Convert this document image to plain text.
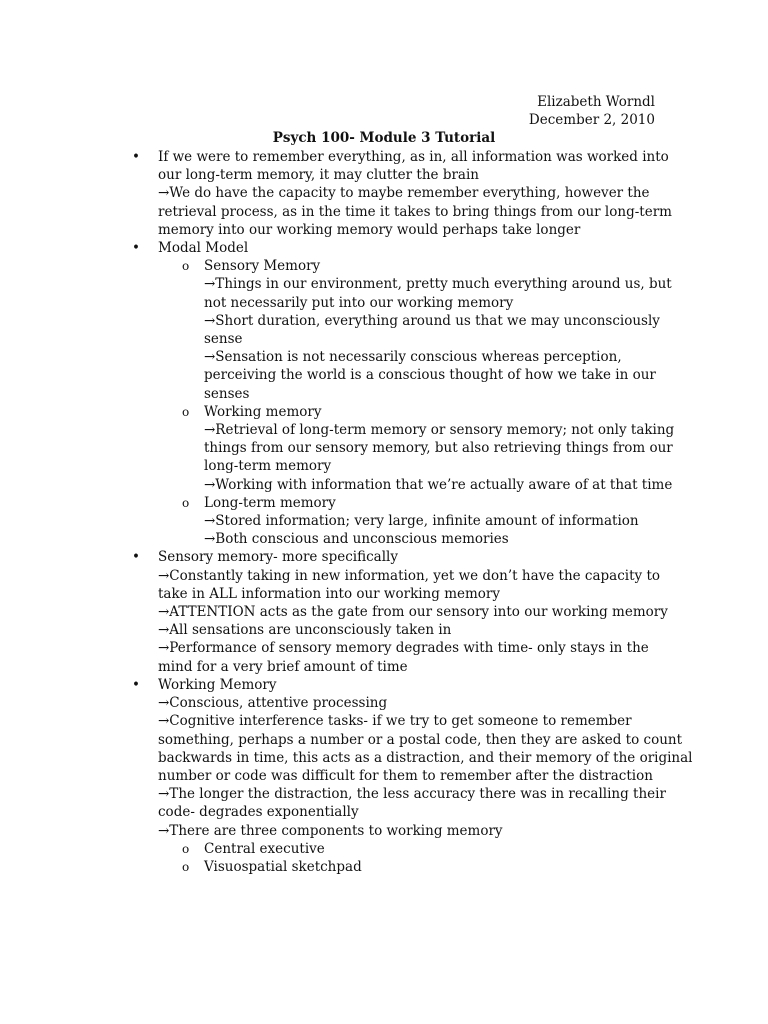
Elizabeth Worndl
December 2, 2010
Psych 100- Module 3 Tutorial
• If we were to remember everything, as in, all information was worked into
our long-term memory, it may clutter the brain
→We do have the capacity to maybe remember everything, however the
retrieval process, as in the time it takes to bring things from our long-term
memory into our working memory would perhaps take longer
• Modal Model
o Sensory Memory
→Things in our environment, pretty much everything around us, but
not necessarily put into our working memory
→Short duration, everything around us that we may unconsciously
sense
→Sensation is not necessarily conscious whereas perception,
perceiving the world is a conscious thought of how we take in our
senses
o Working memory
→Retrieval of long-term memory or sensory memory; not only taking
things from our sensory memory, but also retrieving things from our
long-term memory
→Working with information that we’re actually aware of at that time
o Long-term memory
→Stored information; very large, infinite amount of information
→Both conscious and unconscious memories
• Sensory memory- more specifically
→Constantly taking in new information, yet we don’t have the capacity to
take in ALL information into our working memory
→ATTENTION acts as the gate from our sensory into our working memory
→All sensations are unconsciously taken in
→Performance of sensory memory degrades with time- only stays in the
mind for a very brief amount of time
• Working Memory
→Conscious, attentive processing
→Cognitive interference tasks- if we try to get someone to remember
something, perhaps a number or a postal code, then they are asked to count
backwards in time, this acts as a distraction, and their memory of the original
number or code was difficult for them to remember after the distraction
→The longer the distraction, the less accuracy there was in recalling their
code- degrades exponentially
→There are three components to working memory
o Central executive
o Visuospatial sketchpad
